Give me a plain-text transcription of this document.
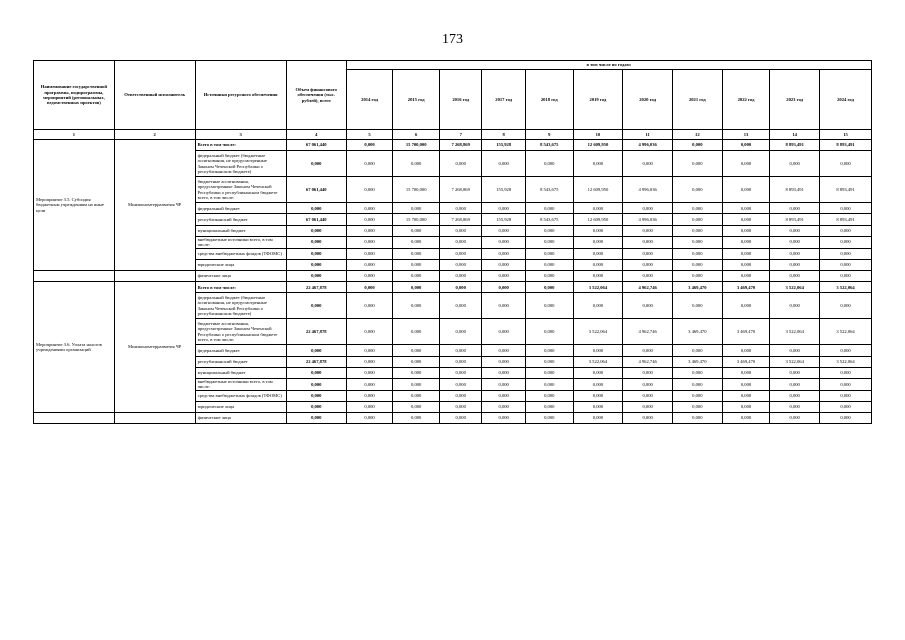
173
Наименование государственной программы, подпрограммы, мероприятий (региональных, ведомственных проектов)	Ответственный исполнитель	Источники ресурсного обеспечения	Объем финансового обеспечения (тыс. рублей), всего	в том числе по годам:										
				2014 год	2015 год	2016 год	2017 год	2018 год	2019 год	2020 год	2021 год	2022 год	2023 год	2024 год
1	2	3	4	5	6	7	8	9	10	11	12	13	14	15
Мероприятие 3.5. Субсидия бюджетным учреждениям на иные цели	Минэкономтерразвития ЧР	Всего в том числе:	67 061,440	0,000	15 700,000	7 268,869	155,928	8 543,675	12 609,950	4 996,036	0,000	0,000	8 893,491	8 893,491
		федеральный бюджет (бюджетные ассигнования, не предусмотренные Законом Чеченской Республики о республиканском бюджете)	0,000	0,000	0,000	0,000	0,000	0,000	0,000	0,000	0,000	0,000	0,000	0,000
		бюджетные ассигнования, предусмотренные Законом Чеченской Республики о республиканском бюджете всего, в том числе:	67 061,440	0,000	15 700,000	7 268,869	155,928	8 543,675	12 609,950	4 996,036	0,000	0,000	8 893,491	8 893,491
		федеральный бюджет	0,000	0,000	0,000	0,000	0,000	0,000	0,000	0,000	0,000	0,000	0,000	0,000
		республиканский бюджет	67 061,440	0,000	15 700,000	7 268,869	155,928	8 543,675	12 609,950	4 996,036	0,000	0,000	8 893,491	8 893,491
		муниципальный бюджет	0,000	0,000	0,000	0,000	0,000	0,000	0,000	0,000	0,000	0,000	0,000	0,000
		внебюджетные источники всего, в том числе:	0,000	0,000	0,000	0,000	0,000	0,000	0,000	0,000	0,000	0,000	0,000	0,000
		средства внебюджетных фондов (ТФОМС)	0,000	0,000	0,000	0,000	0,000	0,000	0,000	0,000	0,000	0,000	0,000	0,000
		юридические лица	0,000	0,000	0,000	0,000	0,000	0,000	0,000	0,000	0,000	0,000	0,000	0,000
		физические лица	0,000	0,000	0,000	0,000	0,000	0,000	0,000	0,000	0,000	0,000	0,000	0,000
Мероприятие 3.6. Уплата налогов учреждениями организаций	Минэкономтерразвития ЧР	Всего в том числе:	22 467,878	0,000	0,000	0,000	0,000	0,000	3 522,064	4 962,746	3 469,470	3 469,470	3 522,064	3 522,064
		федеральный бюджет (бюджетные ассигнования, не предусмотренные Законом Чеченской Республики о республиканском бюджете)	0,000	0,000	0,000	0,000	0,000	0,000	0,000	0,000	0,000	0,000	0,000	0,000
		бюджетные ассигнования, предусмотренные Законом Чеченской Республики о республиканском бюджете всего, в том числе:	22 467,878	0,000	0,000	0,000	0,000	0,000	3 522,064	4 962,746	3 469,470	3 469,470	3 522,064	3 522,064
		федеральный бюджет	0,000	0,000	0,000	0,000	0,000	0,000	0,000	0,000	0,000	0,000	0,000	0,000
		республиканский бюджет	22 467,878	0,000	0,000	0,000	0,000	0,000	3 522,064	4 962,746	3 469,470	3 469,470	3 522,064	3 522,064
		муниципальный бюджет	0,000	0,000	0,000	0,000	0,000	0,000	0,000	0,000	0,000	0,000	0,000	0,000
		внебюджетные источники всего, в том числе:	0,000	0,000	0,000	0,000	0,000	0,000	0,000	0,000	0,000	0,000	0,000	0,000
		средства внебюджетных фондов (ТФОМС)	0,000	0,000	0,000	0,000	0,000	0,000	0,000	0,000	0,000	0,000	0,000	0,000
		юридические лица	0,000	0,000	0,000	0,000	0,000	0,000	0,000	0,000	0,000	0,000	0,000	0,000
		физические лица	0,000	0,000	0,000	0,000	0,000	0,000	0,000	0,000	0,000	0,000	0,000	0,000
